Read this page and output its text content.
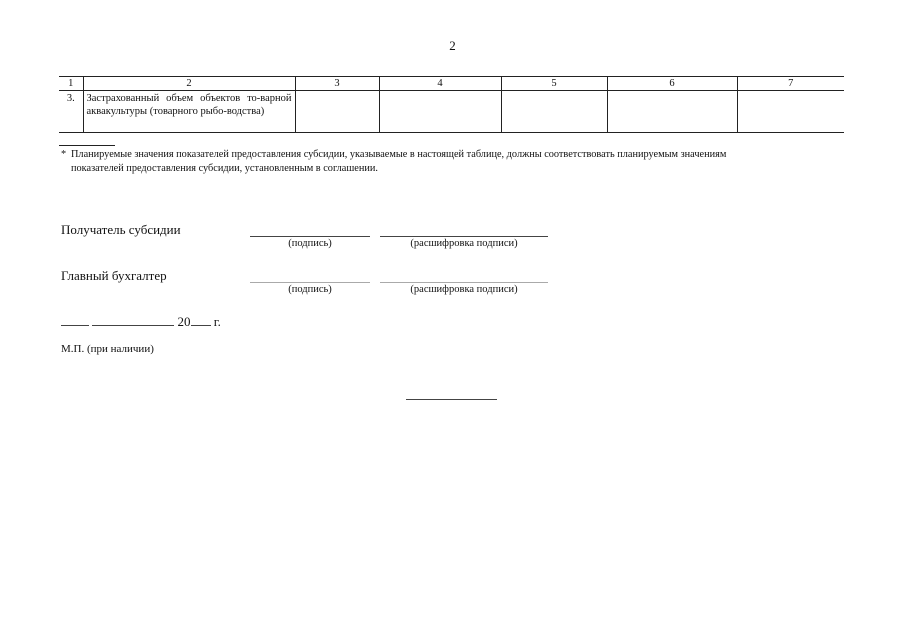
2
1	2	3	4	5	6	7
3.	Застрахованный объем объектов то-варной аквакультуры (товарного рыбо-водства)					
* Планируемые значения показателей предоставления субсидии, указываемые в настоящей таблице, должны соответствовать планируемым значениям
показателей предоставления субсидии, установленным в соглашении.
Получатель субсидии
(подпись)	(расшифровка подписи)
Главный бухгалтер
(подпись)	(расшифровка подписи)
20 г.
М.П. (при наличии)
